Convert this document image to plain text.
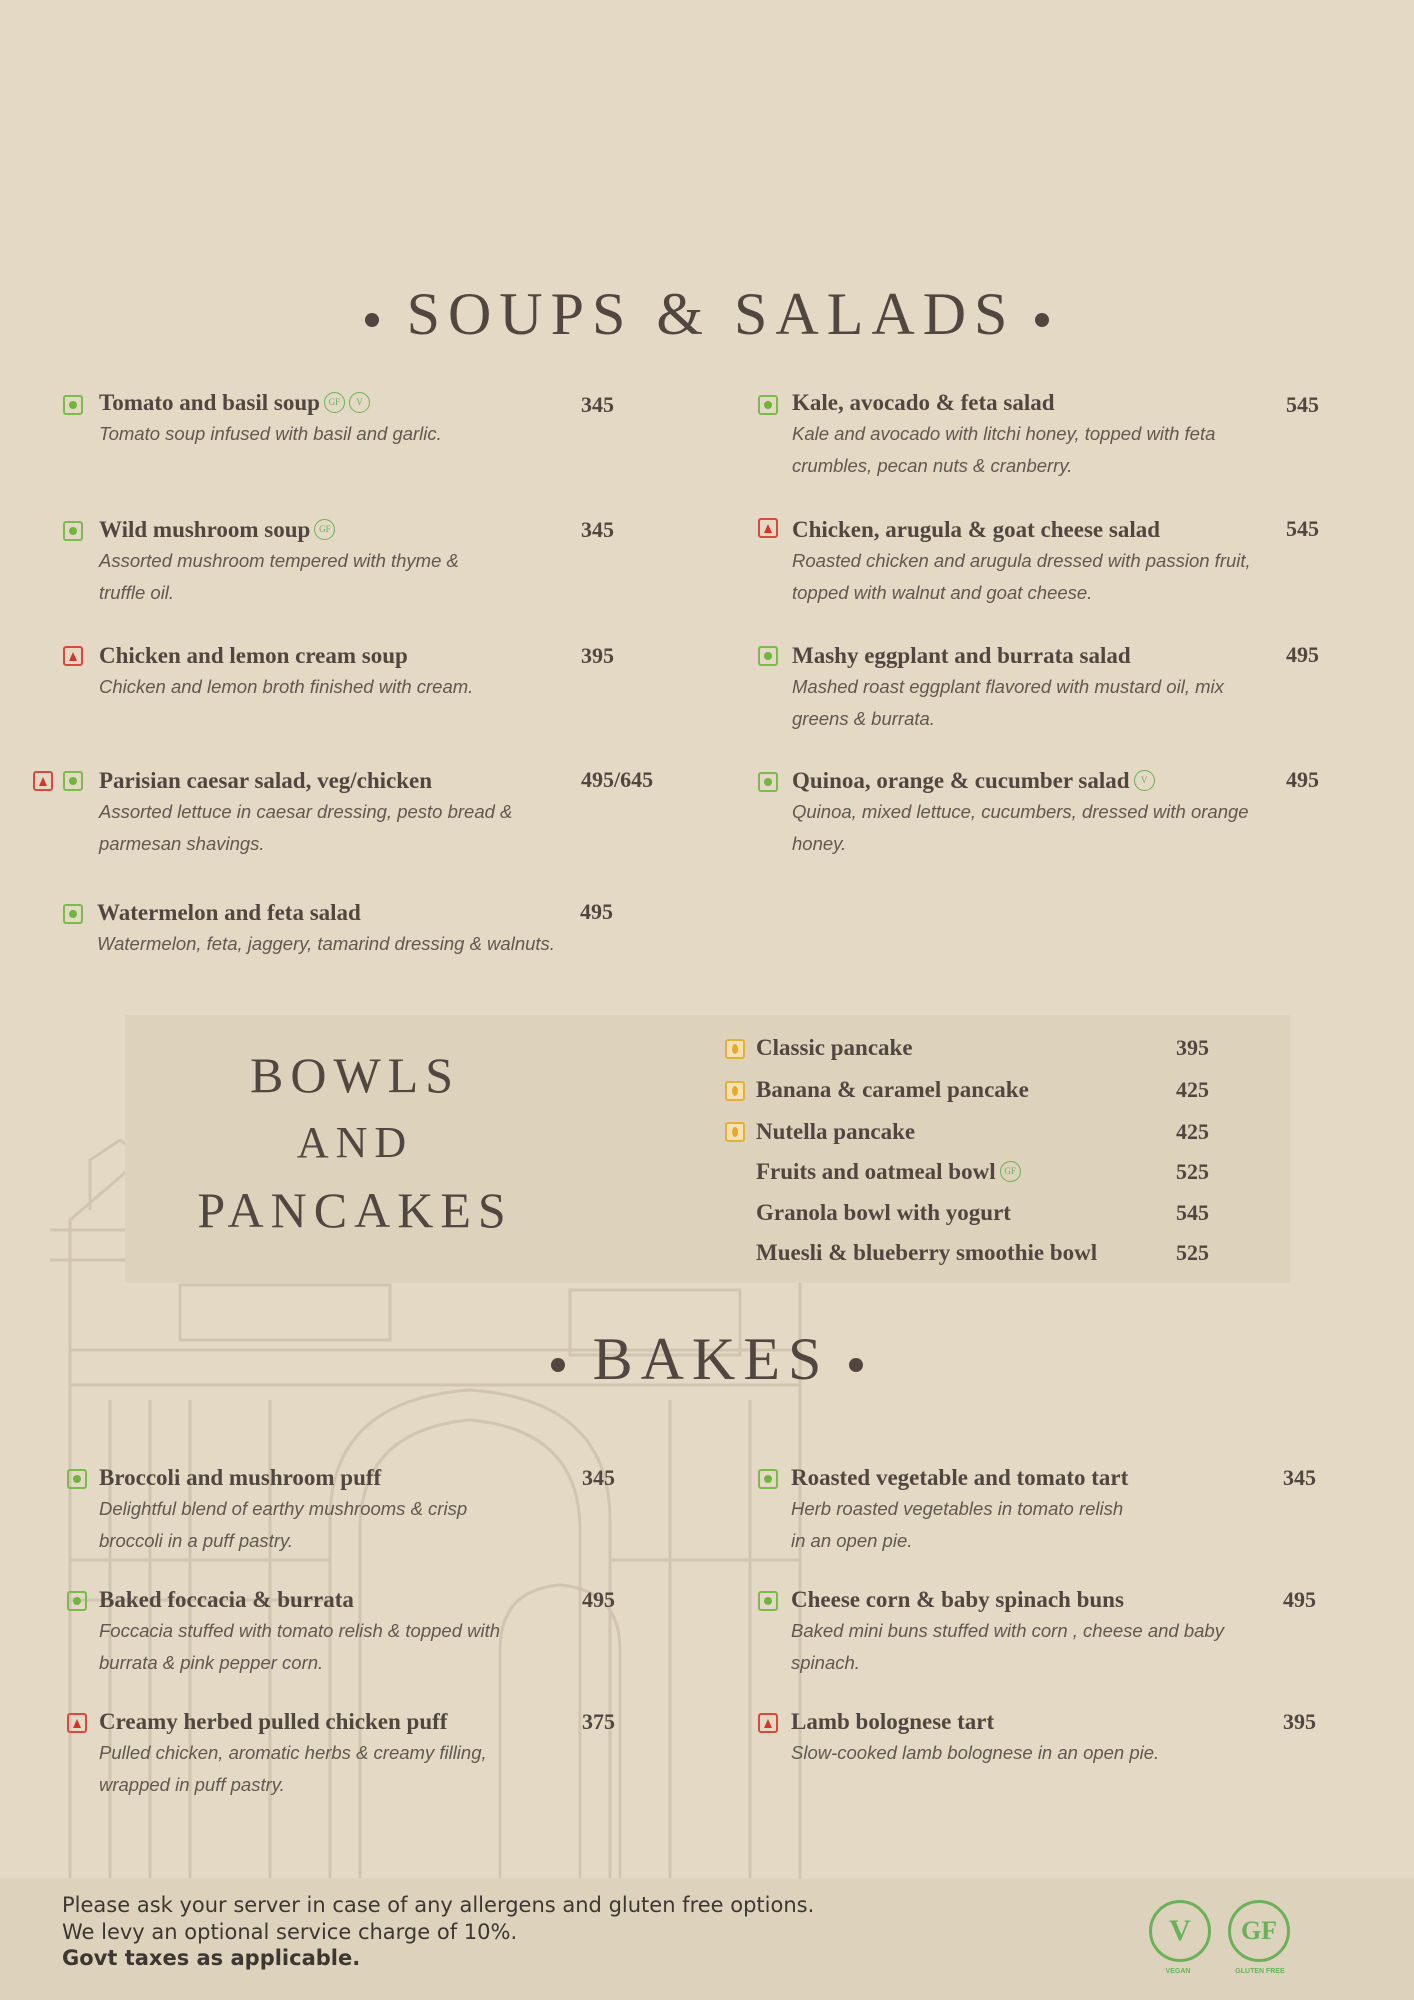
SOUPS & SALADS
Tomato and basil soup GF V
Tomato soup infused with basil and garlic.
345
Wild mushroom soup GF
Assorted mushroom tempered with thyme &
truffle oil.
345
Chicken and lemon cream soup
Chicken and lemon broth finished with cream.
395
Parisian caesar salad, veg/chicken
Assorted lettuce in caesar dressing, pesto bread &
parmesan shavings.
495/645
Watermelon and feta salad
Watermelon, feta, jaggery, tamarind dressing & walnuts.
495
Kale, avocado & feta salad
Kale and avocado with litchi honey, topped with feta
crumbles, pecan nuts & cranberry.
545
Chicken, arugula & goat cheese salad
Roasted chicken and arugula dressed with passion fruit,
topped with walnut and goat cheese.
545
Mashy eggplant and burrata salad
Mashed roast eggplant flavored with mustard oil, mix
greens & burrata.
495
Quinoa, orange & cucumber salad V
Quinoa, mixed lettuce, cucumbers, dressed with orange
honey.
495
BOWLS
AND
PANCAKES
Classic pancake	395
Banana & caramel pancake	425
Nutella pancake	425
Fruits and oatmeal bowl GF	525
Granola bowl with yogurt	545
Muesli & blueberry smoothie bowl	525
BAKES
Broccoli and mushroom puff
Delightful blend of earthy mushrooms & crisp
broccoli in a puff pastry.
345
Baked foccacia & burrata
Foccacia stuffed with tomato relish & topped with
burrata & pink pepper corn.
495
Creamy herbed pulled chicken puff
Pulled chicken, aromatic herbs & creamy filling,
wrapped in puff pastry.
375
Roasted vegetable and tomato tart
Herb roasted vegetables in tomato relish
in an open pie.
345
Cheese corn & baby spinach buns
Baked mini buns stuffed with corn , cheese and baby
spinach.
495
Lamb bolognese tart
Slow-cooked lamb bolognese in an open pie.
395
Please ask your server in case of any allergens and gluten free options.
We levy an optional service charge of 10%.
Govt taxes as applicable.
V
VEGAN
GF
GLUTEN FREE
